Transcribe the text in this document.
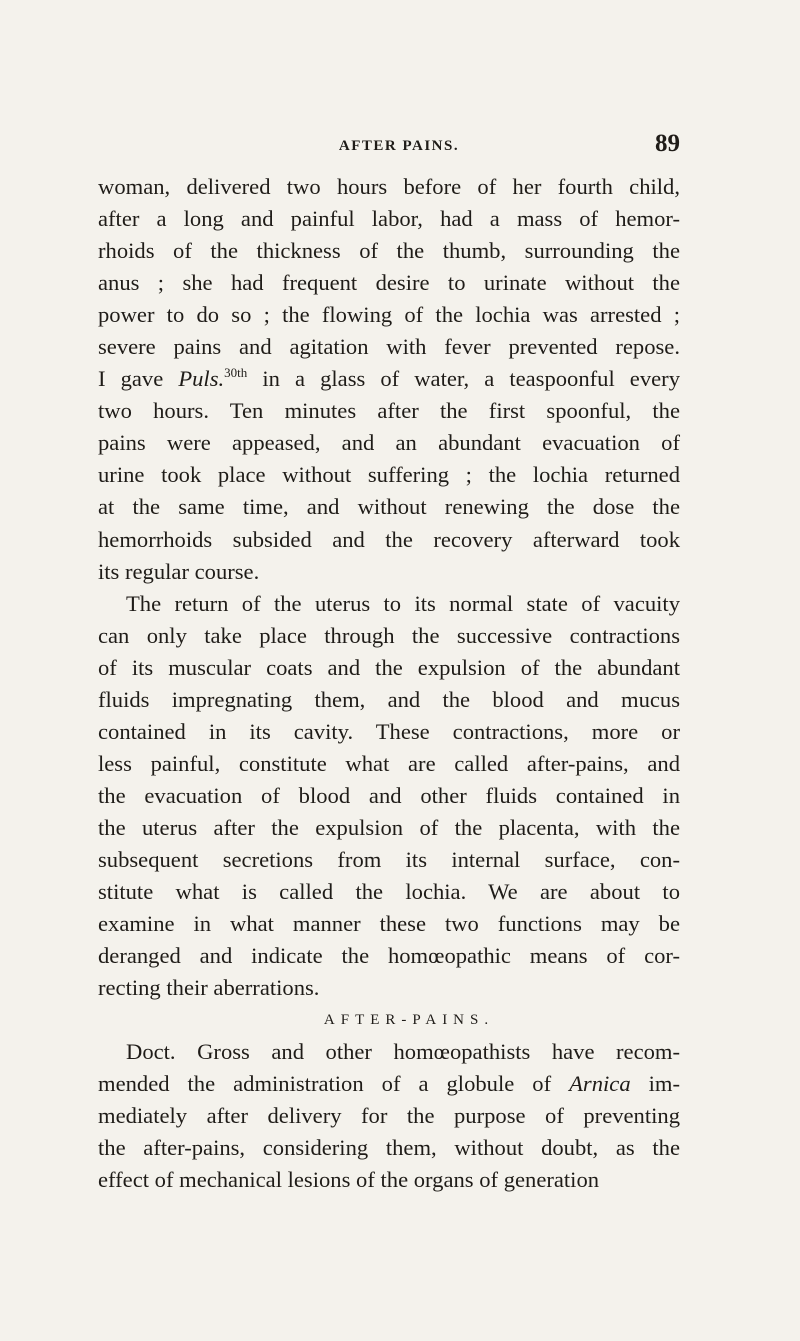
AFTER PAINS.	89
woman, delivered two hours before of her fourth child,
after a long and painful labor, had a mass of hemor-
rhoids of the thickness of the thumb, surrounding the
anus ; she had frequent desire to urinate without the
power to do so ; the flowing of the lochia was arrested ;
severe pains and agitation with fever prevented repose.
I gave Puls.$^{30th}$ in a glass of water, a teaspoonful every
two hours. Ten minutes after the first spoonful, the
pains were appeased, and an abundant evacuation of
urine took place without suffering ; the lochia returned
at the same time, and without renewing the dose the
hemorrhoids subsided and the recovery afterward took
its regular course.
The return of the uterus to its normal state of vacuity
can only take place through the successive contractions
of its muscular coats and the expulsion of the abundant
fluids impregnating them, and the blood and mucus
contained in its cavity. These contractions, more or
less painful, constitute what are called after-pains, and
the evacuation of blood and other fluids contained in
the uterus after the expulsion of the placenta, with the
subsequent secretions from its internal surface, con-
stitute what is called the lochia. We are about to
examine in what manner these two functions may be
deranged and indicate the homœopathic means of cor-
recting their aberrations.
AFTER-PAINS.
Doct. Gross and other homœopathists have recom-
mended the administration of a globule of Arnica im-
mediately after delivery for the purpose of preventing
the after-pains, considering them, without doubt, as the
effect of mechanical lesions of the organs of generation
